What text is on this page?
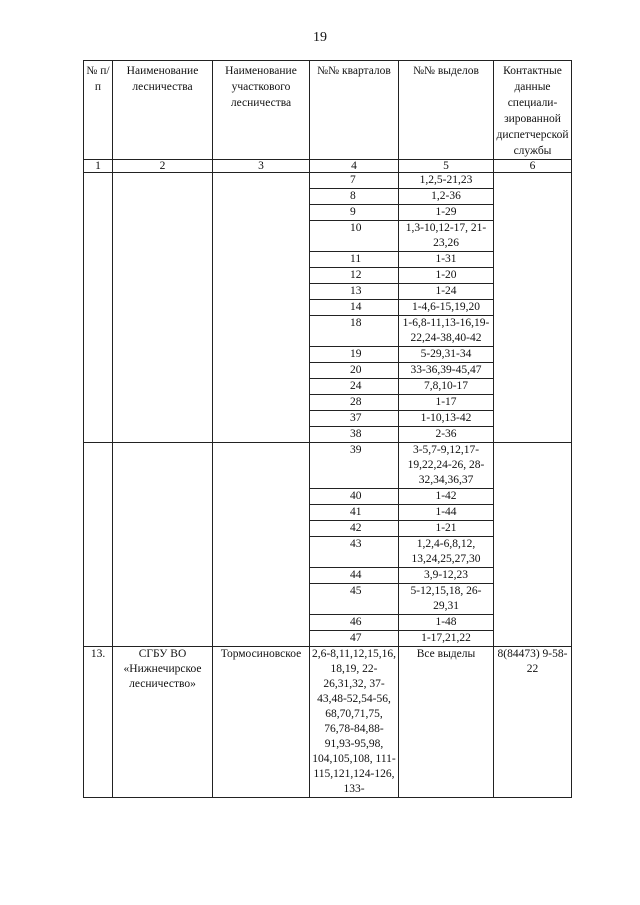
19
№ п/п	Наименование лесничества	Наименование участкового лесничества	№№ кварталов	№№ выделов	Контактные данные специали-зированной диспетчерской службы
1	2	3	4	5	6
			7	1,2,5-21,23	
			8	1,2-36	
			9	1-29	
			10	1,3-10,12-17, 21-23,26	
			11	1-31	
			12	1-20	
			13	1-24	
			14	1-4,6-15,19,20	
			18	1-6,8-11,13-16,19-22,24-38,40-42	
			19	5-29,31-34	
			20	33-36,39-45,47	
			24	7,8,10-17	
			28	1-17	
			37	1-10,13-42	
			38	2-36	
			39	3-5,7-9,12,17-19,22,24-26, 28-32,34,36,37	
			40	1-42	
			41	1-44	
			42	1-21	
			43	1,2,4-6,8,12, 13,24,25,27,30	
			44	3,9-12,23	
			45	5-12,15,18, 26-29,31	
			46	1-48	
			47	1-17,21,22	
13.	СГБУ ВО «Нижнечирское лесничество»	Тормосиновское	2,6-8,11,12,15,16, 18,19, 22-26,31,32, 37-43,48-52,54-56, 68,70,71,75, 76,78-84,88-91,93-95,98, 104,105,108, 111-115,121,124-126, 133-	Все выделы	8(84473) 9-58-22
